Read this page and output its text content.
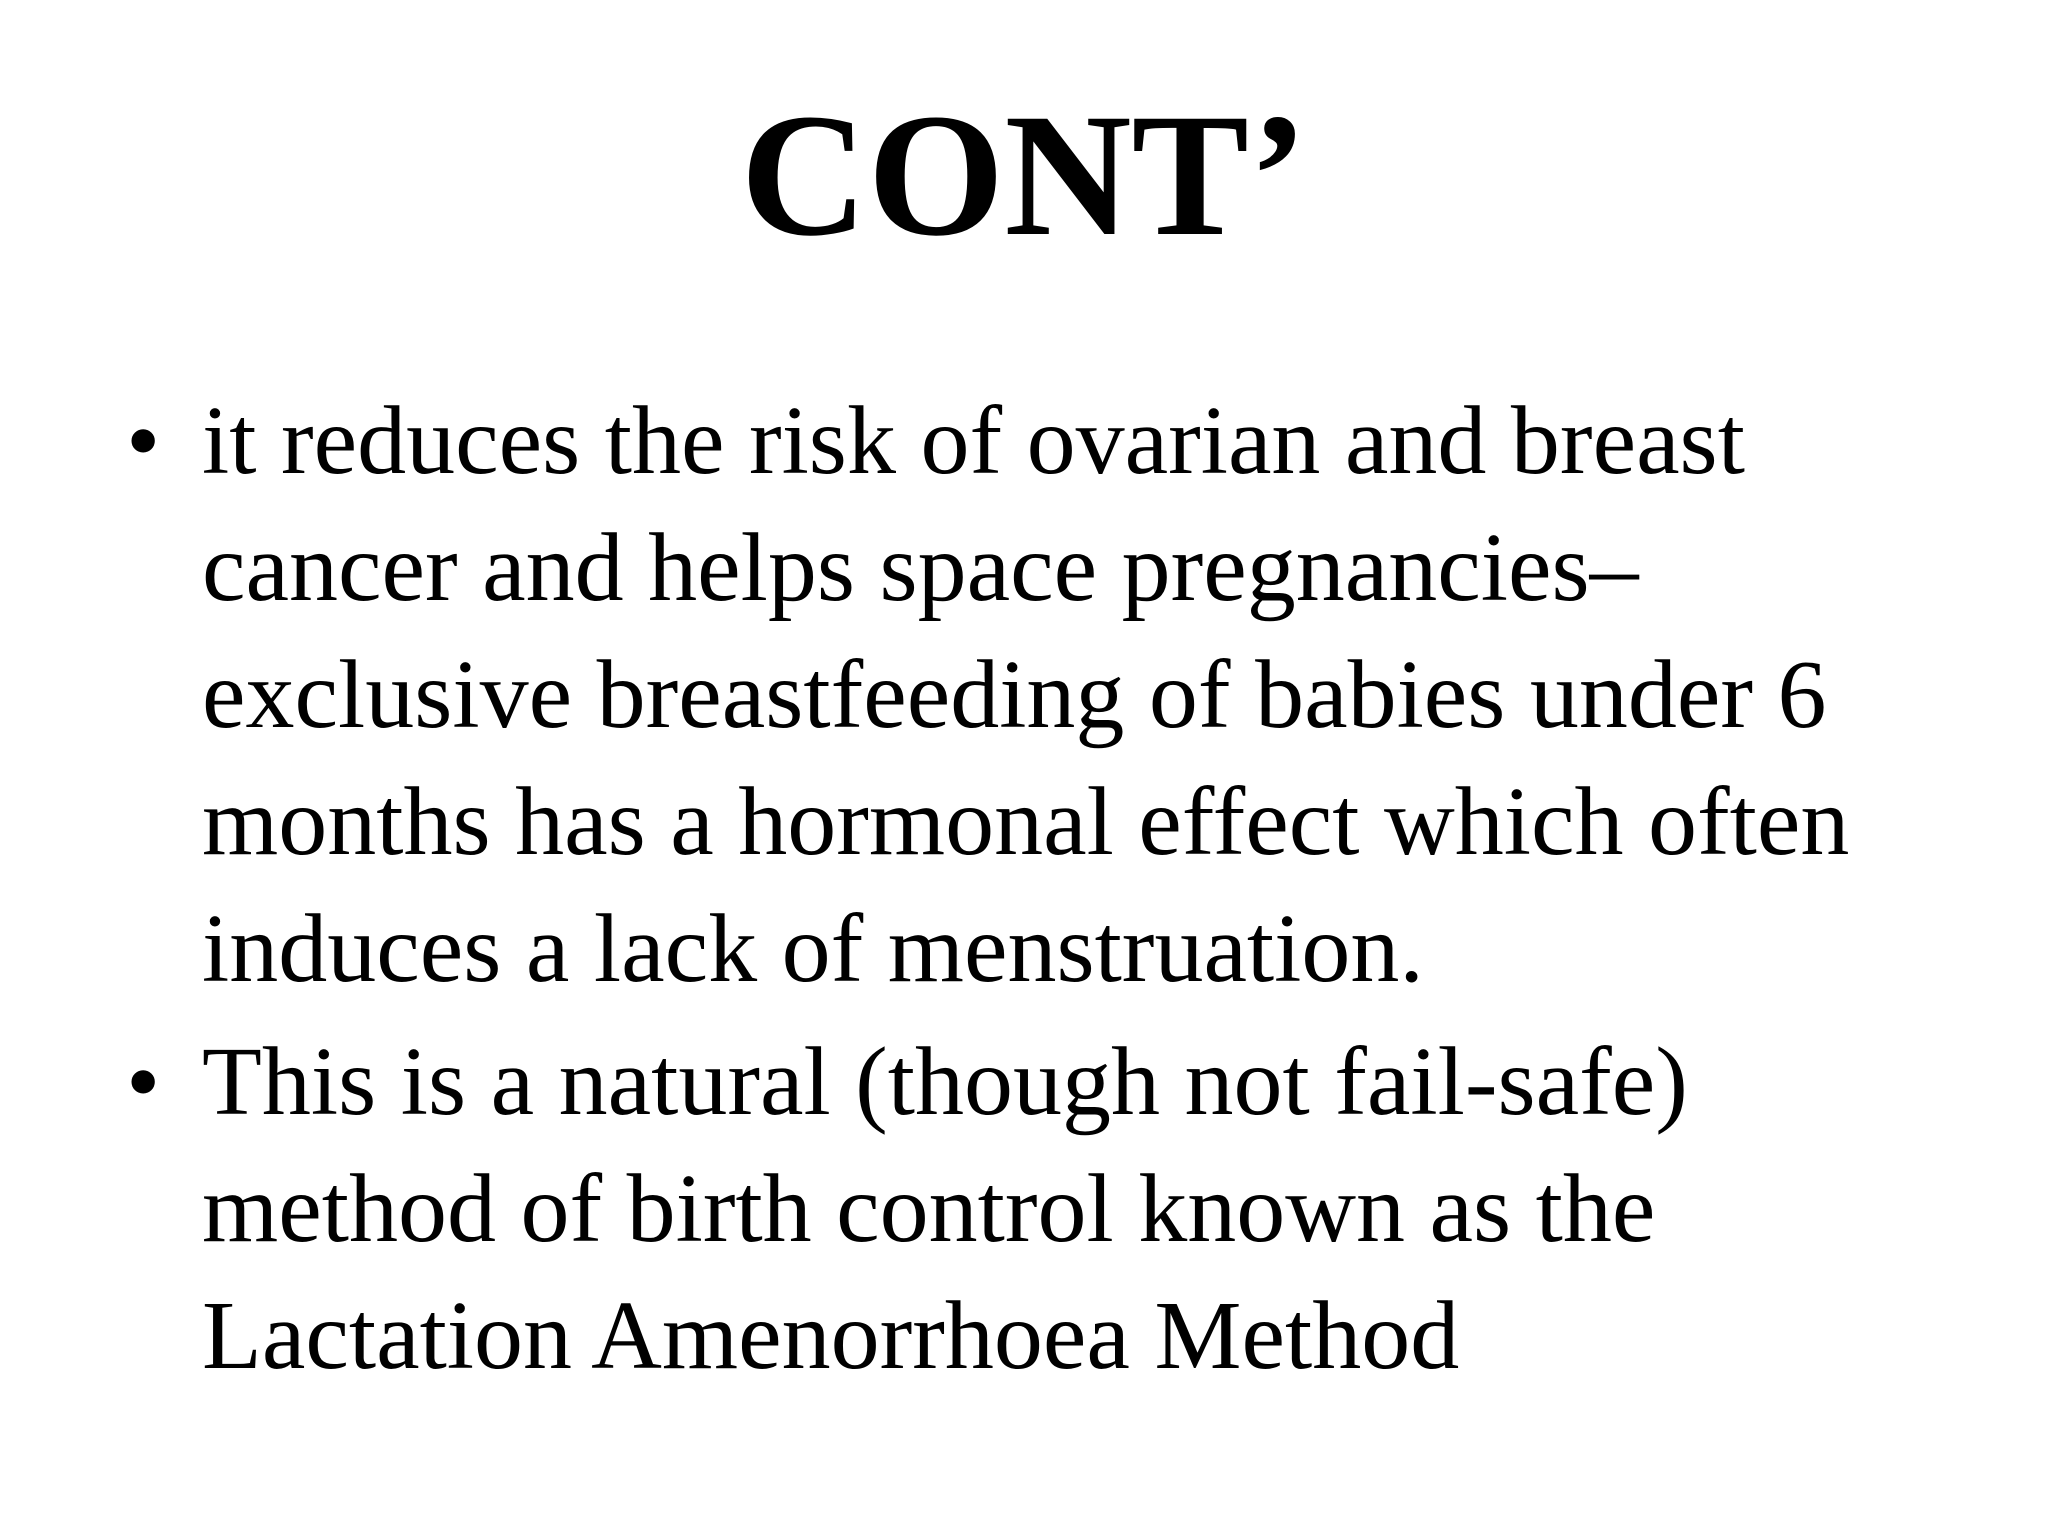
CONT’
• it reduces the risk of ovarian and breast
cancer and helps space pregnancies–
exclusive breastfeeding of babies under 6
months has a hormonal effect which often
induces a lack of menstruation.
• This is a natural (though not fail-safe)
method of birth control known as the
Lactation Amenorrhoea Method
